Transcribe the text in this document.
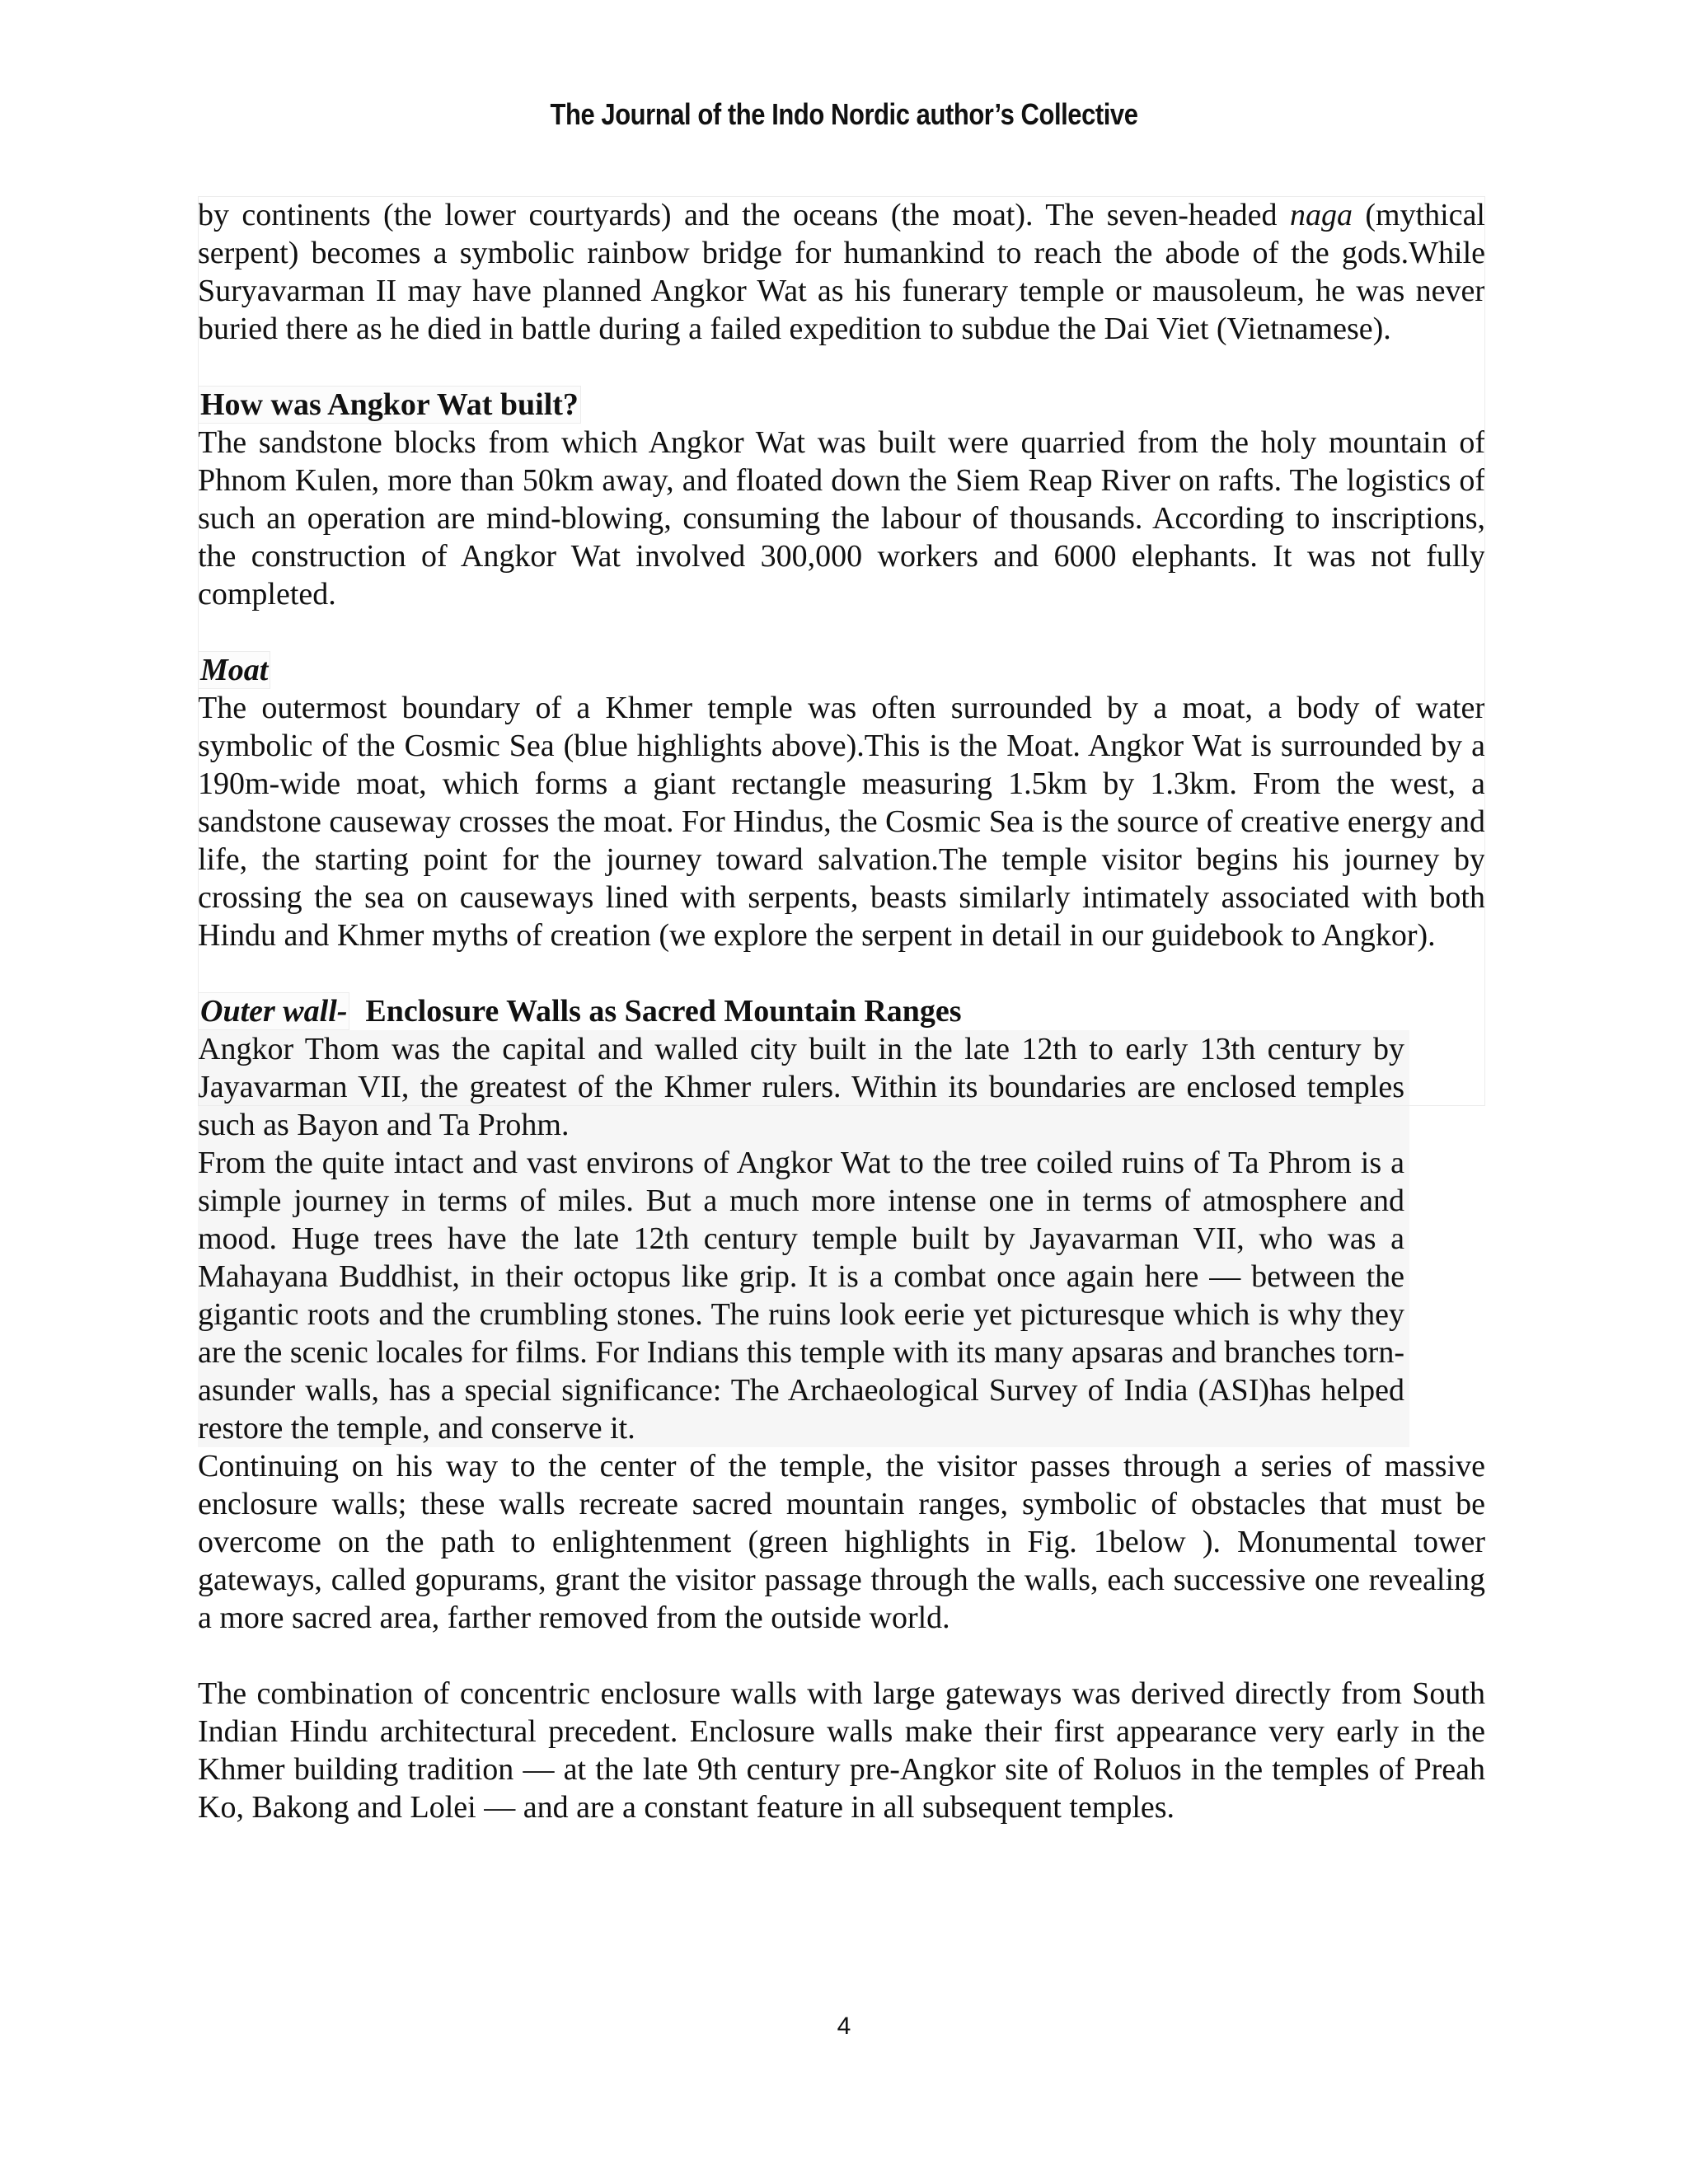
The Journal of the Indo Nordic author’s Collective

by continents (the lower courtyards) and the oceans (the moat). The seven-headed naga (mythical serpent) becomes a symbolic rainbow bridge for humankind to reach the abode of the gods.While Suryavarman II may have planned Angkor Wat as his funerary temple or mausoleum, he was never buried there as he died in battle during a failed expedition to subdue the Dai Viet (Vietnamese).

How was Angkor Wat built?

The sandstone blocks from which Angkor Wat was built were quarried from the holy mountain of Phnom Kulen, more than 50km away, and floated down the Siem Reap River on rafts. The logistics of such an operation are mind-blowing, consuming the labour of thousands. According to inscriptions, the construction of Angkor Wat involved 300,000 workers and 6000 elephants. It was not fully completed.

Moat

The outermost boundary of a Khmer temple was often surrounded by a moat, a body of water symbolic of the Cosmic Sea (blue highlights above).This is the Moat. Angkor Wat is surrounded by a 190m-wide moat, which forms a giant rectangle measuring 1.5km by 1.3km. From the west, a sandstone causeway crosses the moat. For Hindus, the Cosmic Sea is the source of creative energy and life, the starting point for the journey toward salvation.The temple visitor begins his journey by crossing the sea on causeways lined with serpents, beasts similarly intimately associated with both Hindu and Khmer myths of creation (we explore the serpent in detail in our guidebook to Angkor).

Outer wall- Enclosure Walls as Sacred Mountain Ranges

Angkor Thom was the capital and walled city built in the late 12th to early 13th century by Jayavarman VII, the greatest of the Khmer rulers. Within its boundaries are enclosed temples such as Bayon and Ta Prohm.

From the quite intact and vast environs of Angkor Wat to the tree coiled ruins of Ta Phrom is a simple journey in terms of miles. But a much more intense one in terms of atmosphere and mood. Huge trees have the late 12th century temple built by Jayavarman VII, who was a Mahayana Buddhist, in their octopus like grip. It is a combat once again here — between the gigantic roots and the crumbling stones. The ruins look eerie yet picturesque which is why they are the scenic locales for films. For Indians this temple with its many apsaras and branches torn-asunder walls, has a special significance: The Archaeological Survey of India (ASI)has helped restore the temple, and conserve it.

Continuing on his way to the center of the temple, the visitor passes through a series of massive enclosure walls; these walls recreate sacred mountain ranges, symbolic of obstacles that must be overcome on the path to enlightenment (green highlights in Fig. 1below ). Monumental tower gateways, called gopurams, grant the visitor passage through the walls, each successive one revealing a more sacred area, farther removed from the outside world.

The combination of concentric enclosure walls with large gateways was derived directly from South Indian Hindu architectural precedent. Enclosure walls make their first appearance very early in the Khmer building tradition — at the late 9th century pre-Angkor site of Roluos in the temples of Preah Ko, Bakong and Lolei — and are a constant feature in all subsequent temples.

4
